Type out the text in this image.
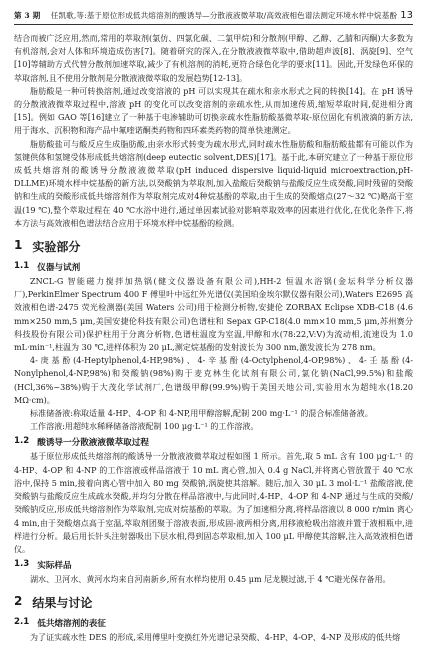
第 3 期 任凯歌,等:基于原位形成低共熔溶剂的酸诱导—分散液液微萃取/高效液相色谱法测定环境水样中烷基酚 13

结合而被广泛应用,然而,常用的萃取剂(氯仿、四氯化碳、二氯甲烷)和分散剂(甲醇、乙醇、乙腈和丙酮)大多数为有机溶剂,会对人体和环境造成伤害[7]。随着研究的深入,在分散液液微萃取中,借助超声波[8]、涡旋[9]、空气[10]等辅助方式代替分散剂加速萃取,减少了有机溶剂的消耗,更符合绿色化学的要求[11]。因此,开发绿色环保的萃取溶剂,且不使用分散剂是分散液液微萃取的发展趋势[12-13]。

脂肪酸是一种可转换溶剂,通过改变溶液的 pH 可以实现其在疏水和亲水形式之间的转换[14]。在 pH 诱导的分散液液微萃取过程中,溶液 pH 的变化可以改变溶剂的亲疏水性,从而加速传质,缩短萃取时间,促进相分离[15]。例如 GAO 等[16]建立了一种基于电渗辅助可切换亲疏水性脂肪酸基微萃取-原位固化有机液滴的新方法,用于海水、沉积物和海产品中氟喹诺酮类药物和四环素类药物的简单快速测定。

脂肪酸盐可与酸反应生成脂肪酸,由亲水形式转变为疏水形式,同时疏水性脂肪酸和脂肪酸盐都有可能以作为氢键供体和氢键受体形成低共熔溶剂(deep eutectic solvent,DES)[17]。基于此,本研究建立了一种基于原位形成低共熔溶剂的酸诱导分散液液微萃取(pH induced dispersive liquid-liquid microextraction,pH-DLLME)环境水样中烷基酚的新方法,以癸酸钠为萃取剂,加入盐酸后癸酸钠与盐酸反应生成癸酸,同时残留的癸酸钠和生成的癸酸形成低共熔溶剂作为萃取剂完成对4种烷基酚的萃取,由于生成的癸酸熔点(27～32 ℃)略高于室温(19 ℃),整个萃取过程在 40 ℃水浴中进行,通过单因素试验对影响萃取效率的因素进行优化,在优化条件下,将本方法与高效液相色谱法结合应用于环境水样中烷基酚的检测。

1 实验部分
1.1 仪器与试剂

ZNCL-G 智能磁力搅拌加热锅(健文仪器设备有限公司),HH-2 恒温水浴锅(金坛科学分析仪器厂),PerkinElmer Spectrum 400 F 傅里叶中远红外光谱仪(美国珀金埃尔默仪器有限公司),Waters E2695 高效液相色谱-2475 荧光检测器(美国 Waters 公司)用于检测分析物,安捷伦 ZORBAX Eclipse XDB-C18 (4.6 mm×250 mm,5 μm,美国安捷伦科技有限公司)色谱柱和 Sepax GP-C18(4.0 mm×10 mm,5 μm,苏州赛分科技股份有限公司)保护柱用于分离分析物,色谱柱温度为室温,甲醇和水(78:22,V:V)为流动相,流速设为 1.0 mL·min⁻¹,柱温为 30 ℃,进样体积为 20 μL,测定烷基酚的发射波长为 300 nm,激发波长为 278 nm。

4-庚基酚(4-Heptylphenol,4-HP,98%)、4-辛基酚(4-Octylphenol,4-OP,98%)、4-壬基酚(4-Nonylphenol,4-NP,98%)和癸酸钠(98%)购于麦克林生化试剂有限公司,氯化钠(NaCl,99.5%)和盐酸(HCl,36%~38%)购于大茂化学试剂厂,色谱级甲醇(99.9%)购于美国天地公司,实验用水为超纯水(18.20 MΩ·cm)。

标准储备液:称取适量 4-HP、4-OP 和 4-NP,用甲醇溶解,配制 200 mg·L⁻¹ 的混合标准储备液。

工作溶液:用超纯水稀释储备溶液配制 100 μg·L⁻¹ 的工作溶液。

1.2 酸诱导一分散液液微萃取过程

基于原位形成低共熔溶剂的酸诱导一分散液液微萃取过程如图 1 所示。首先,取 5 mL 含有 100 μg·L⁻¹ 的 4-HP、4-OP 和 4-NP 的工作溶液或样品溶液于 10 mL 离心管,加入 0.4 g NaCl,并将离心管放置于 40 ℃水浴中,保持 5 min,接着向离心管中加入 80 mg 癸酸钠,涡旋使其溶解。随后,加入 30 μL 3 mol·L⁻¹ 盐酸溶液,使癸酸钠与盐酸反应生成疏水癸酸,并均匀分散在样品溶液中,与此同时,4-HP、4-OP 和 4-NP 通过与生成的癸酸/癸酸钠反应,形成低共熔溶剂作为萃取剂,完成对烷基酚的萃取。为了加速相分离,将样品溶液以 8 000 r/min 离心 4 min,由于癸酸熔点高于室温,萃取剂团聚于溶液表面,形成固-液两相分离,用移液枪吸出溶液并置于液相瓶中,进样进行分析。最后用长针头注射器吸出下层水相,得到固态萃取相,加入 100 μL 甲醇使其溶解,注入高效液相色谱仪。

1.3 实际样品

湖水、卫河水、黄河水均来自河南新乡,所有水样均使用 0.45 μm 尼龙膜过滤,于 4 ℃避光保存备用。

2 结果与讨论
2.1 低共熔溶剂的表征

为了证实疏水性 DES 的形成,采用傅里叶变换红外光谱记录癸酸、4-HP、4-OP、4-NP 及形成的低共熔
